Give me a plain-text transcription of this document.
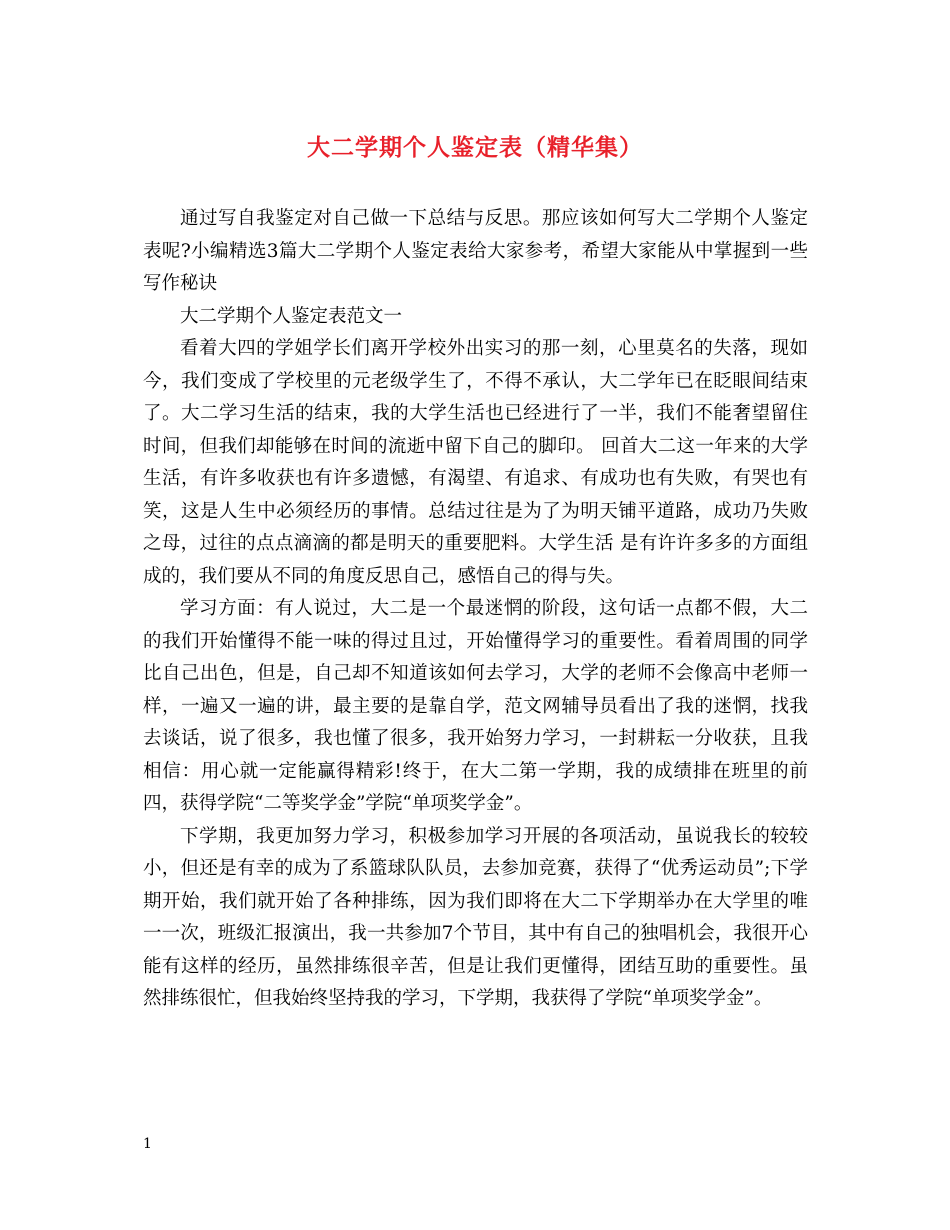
大二学期个人鉴定表（精华集）

通过写自我鉴定对自己做一下总结与反思。那应该如何写大二学期个人鉴定表呢?小编精选3篇大二学期个人鉴定表给大家参考，希望大家能从中掌握到一些写作秘诀

大二学期个人鉴定表范文一

看着大四的学姐学长们离开学校外出实习的那一刻，心里莫名的失落，现如今，我们变成了学校里的元老级学生了，不得不承认，大二学年已在眨眼间结束了。大二学习生活的结束，我的大学生活也已经进行了一半，我们不能奢望留住时间，但我们却能够在时间的流逝中留下自己的脚印。 回首大二这一年来的大学生活，有许多收获也有许多遗憾，有渴望、有追求、有成功也有失败，有哭也有笑，这是人生中必须经历的事情。总结过往是为了为明天铺平道路，成功乃失败之母，过往的点点滴滴的都是明天的重要肥料。大学生活 是有许许多多的方面组成的，我们要从不同的角度反思自己，感悟自己的得与失。

学习方面：有人说过，大二是一个最迷惘的阶段，这句话一点都不假，大二的我们开始懂得不能一味的得过且过，开始懂得学习的重要性。看着周围的同学比自己出色，但是，自己却不知道该如何去学习，大学的老师不会像高中老师一样，一遍又一遍的讲，最主要的是靠自学，范文网辅导员看出了我的迷惘，找我去谈话，说了很多，我也懂了很多，我开始努力学习，一封耕耘一分收获，且我相信：用心就一定能赢得精彩!终于，在大二第一学期，我的成绩排在班里的前四，获得学院“二等奖学金”学院“单项奖学金”。

下学期，我更加努力学习，积极参加学习开展的各项活动，虽说我长的较较小，但还是有幸的成为了系篮球队队员，去参加竞赛，获得了“优秀运动员”;下学期开始，我们就开始了各种排练，因为我们即将在大二下学期举办在大学里的唯一一次，班级汇报演出，我一共参加7个节目，其中有自己的独唱机会，我很开心能有这样的经历，虽然排练很辛苦，但是让我们更懂得，团结互助的重要性。虽然排练很忙，但我始终坚持我的学习，下学期，我获得了学院“单项奖学金”。

1
